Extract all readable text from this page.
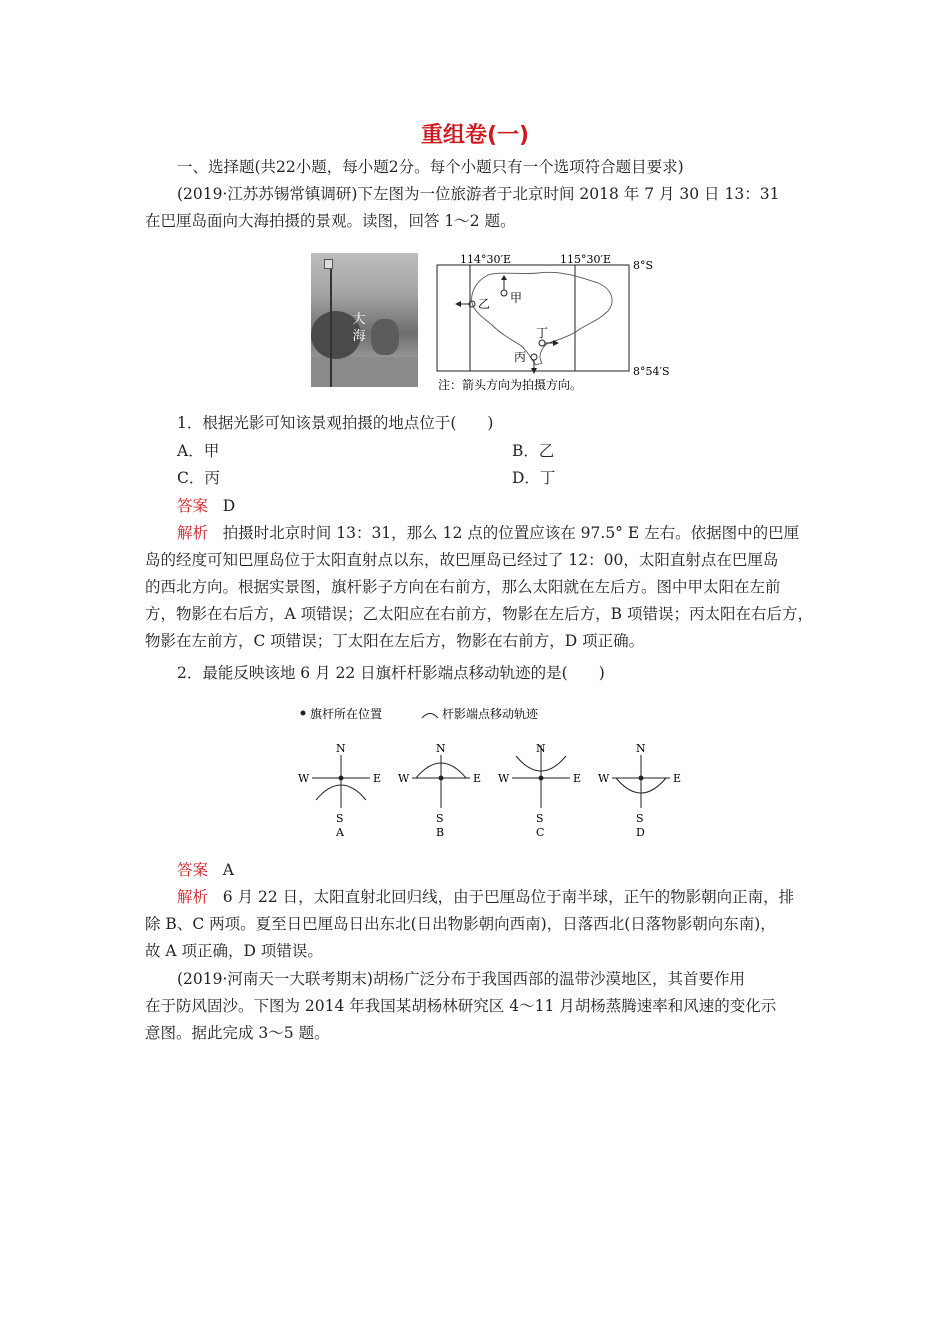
重组卷(一)
一、选择题(共22小题，每小题2分。每个小题只有一个选项符合题目要求)
(2019·江苏苏锡常镇调研)下左图为一位旅游者于北京时间 2018 年 7 月 30 日 13：31
在巴厘岛面向大海拍摄的景观。读图，回答 1～2 题。
大海
甲
乙
丁
丙
114°30′E	115°30′E 8°S
8°54′S
注：箭头方向为拍摄方向。
1．根据光影可知该景观拍摄的地点位于(　　)
A．甲	B．乙
C．丙	D．丁
答案 D
解析 拍摄时北京时间 13：31，那么 12 点的位置应该在 97.5° E 左右。依据图中的巴厘
岛的经度可知巴厘岛位于太阳直射点以东，故巴厘岛已经过了 12：00，太阳直射点在巴厘岛
的西北方向。根据实景图，旗杆影子方向在右前方，那么太阳就在左后方。图中甲太阳在左前
方，物影在右后方，A 项错误；乙太阳应在右前方，物影在左后方，B 项错误；丙太阳在右后方，
物影在左前方，C 项错误；丁太阳在左后方，物影在右前方，D 项正确。
2．最能反映该地 6 月 22 日旗杆杆影端点移动轨迹的是(　　)
旗杆所在位置	杆影端点移动轨迹
N
S
W	E
A
N
S
W	E
B
N
S
W	E
C
N
S
W	E
D
答案 A
解析 6 月 22 日，太阳直射北回归线，由于巴厘岛位于南半球，正午的物影朝向正南，排
除 B、C 两项。夏至日巴厘岛日出东北(日出物影朝向西南)，日落西北(日落物影朝向东南)，
故 A 项正确，D 项错误。
(2019·河南天一大联考期末)胡杨广泛分布于我国西部的温带沙漠地区，其首要作用
在于防风固沙。下图为 2014 年我国某胡杨林研究区 4～11 月胡杨蒸腾速率和风速的变化示
意图。据此完成 3～5 题。
